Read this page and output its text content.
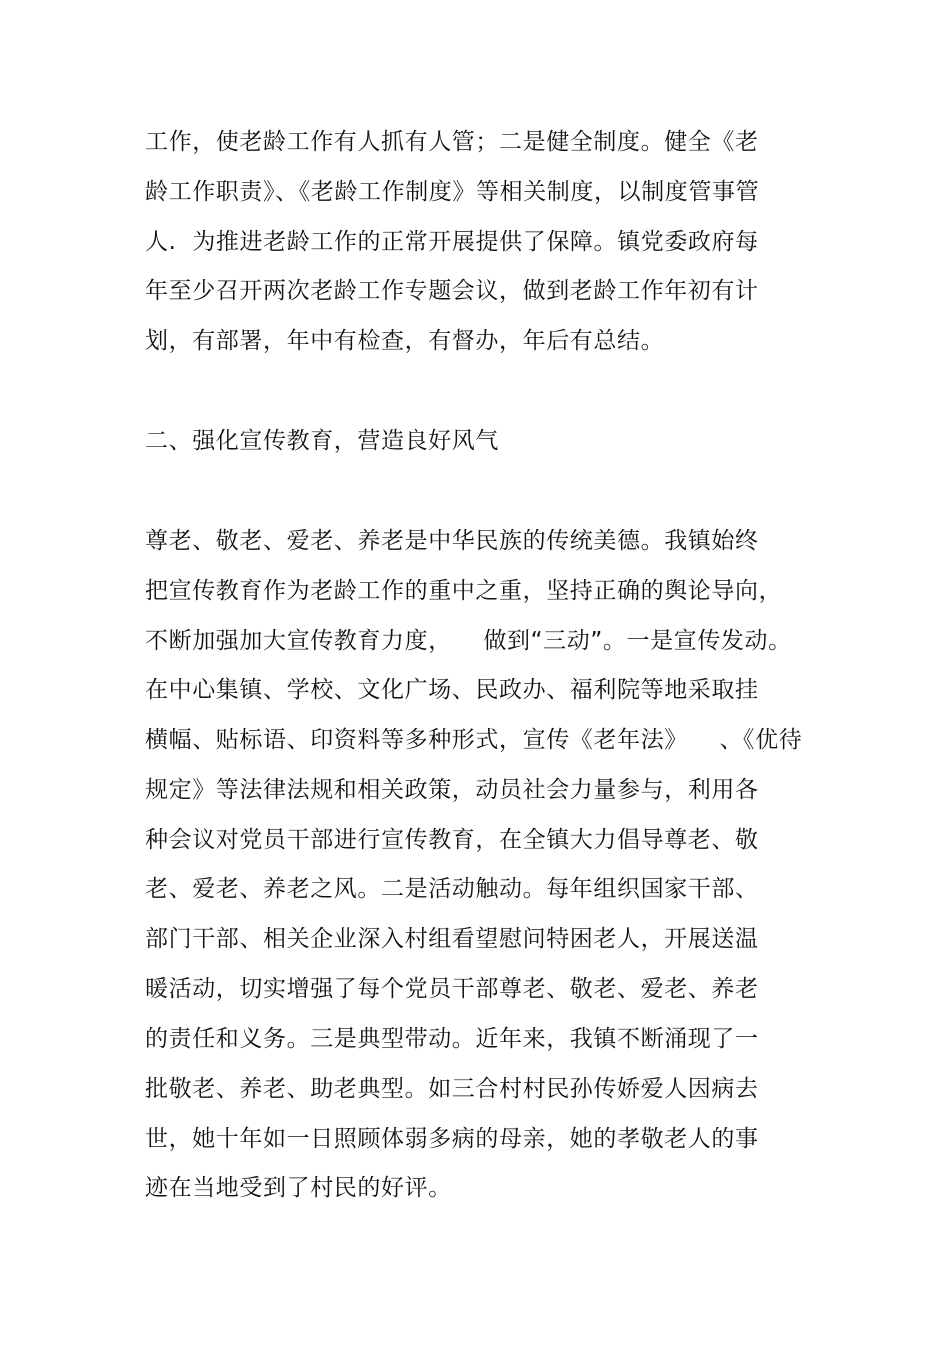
工作，使老龄工作有人抓有人管；二是健全制度。健全《老
龄工作职责》、《老龄工作制度》等相关制度，以制度管事管
人.  为推进老龄工作的正常开展提供了保障。镇党委政府每
年至少召开两次老龄工作专题会议，做到老龄工作年初有计
划，有部署，年中有检查，有督办，年后有总结。
二、强化宣传教育，营造良好风气
尊老、敬老、爱老、养老是中华民族的传统美德。我镇始终
把宣传教育作为老龄工作的重中之重，坚持正确的舆论导向，
不断加强加大宣传教育力度，    做到“三动”。一是宣传发动。
在中心集镇、学校、文化广场、民政办、福利院等地采取挂
横幅、贴标语、印资料等多种形式，宣传《老年法》    、《优待
规定》等法律法规和相关政策，动员社会力量参与，利用各
种会议对党员干部进行宣传教育，在全镇大力倡导尊老、敬
老、爱老、养老之风。二是活动触动。每年组织国家干部、
部门干部、相关企业深入村组看望慰问特困老人，开展送温
暖活动，切实增强了每个党员干部尊老、敬老、爱老、养老
的责任和义务。三是典型带动。近年来，我镇不断涌现了一
批敬老、养老、助老典型。如三合村村民孙传娇爱人因病去
世，她十年如一日照顾体弱多病的母亲，她的孝敬老人的事
迹在当地受到了村民的好评。
